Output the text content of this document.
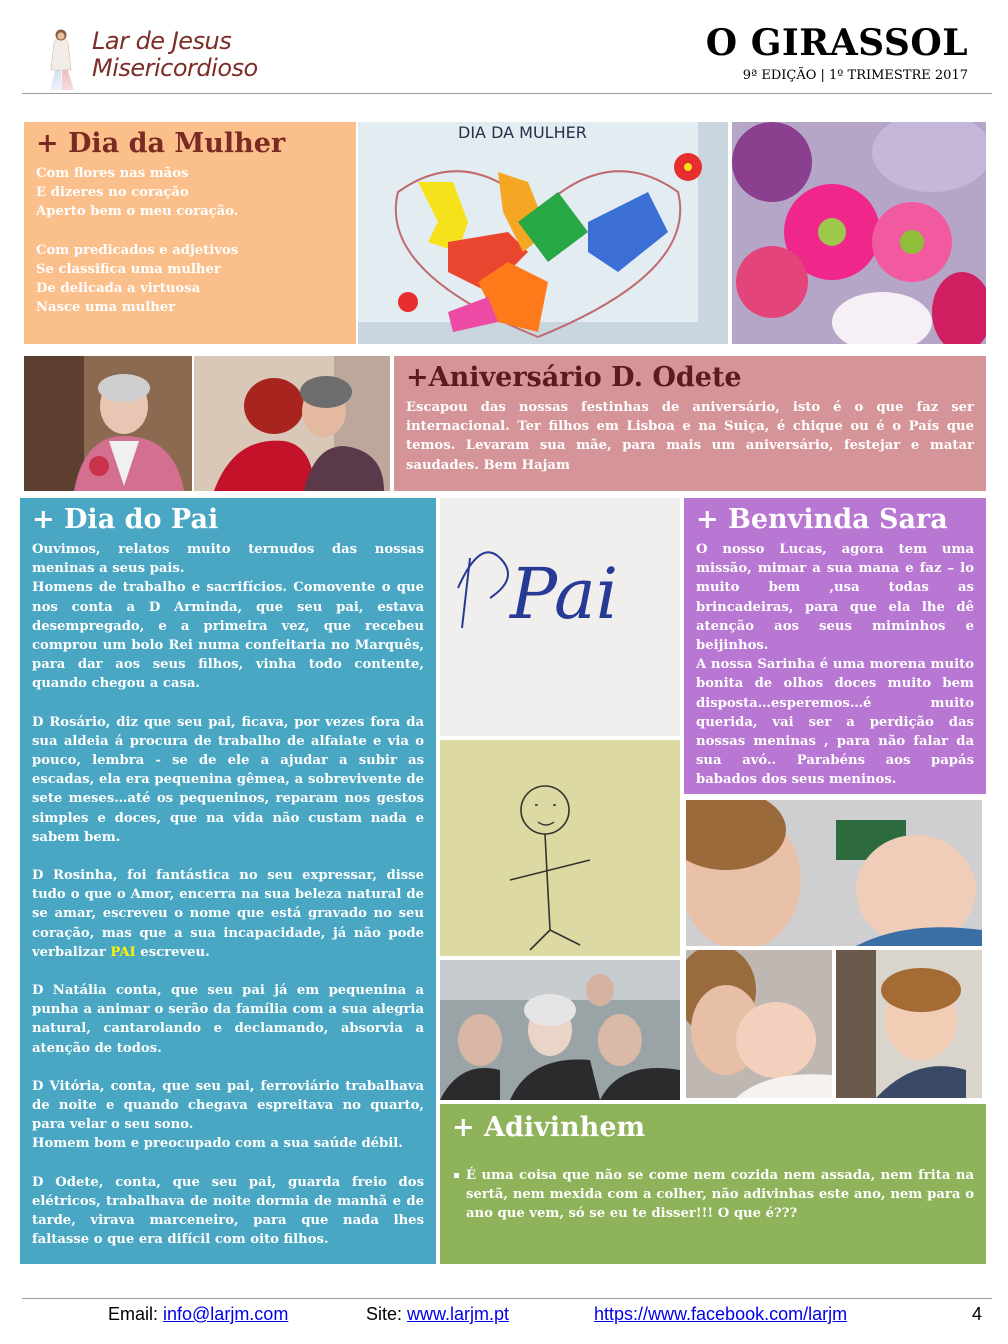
Lar de Jesus
Misericordioso
O GIRASSOL
9ª EDIÇÃO | 1º TRIMESTRE 2017
+ Dia da Mulher

Com flores nas mãos
E dizeres no coração
Aperto bem o meu coração.

Com predicados e adjetivos
Se classifica uma mulher
De delicada a virtuosa
Nasce uma mulher

DIA DA MULHER
+Aniversário D. Odete

Escapou das nossas festinhas de aniversário, isto é o que faz ser internacional. Ter filhos em Lisboa e na Suiça, é chique ou é o País que temos. Levaram sua mãe, para mais um aniversário, festejar e matar saudades. Bem Hajam

+ Dia do Pai

Ouvimos, relatos muito ternudos das nossas meninas a seus pais.

Homens de trabalho e sacrifícios. Comovente o que nos conta a D Arminda, que seu pai, estava desempregado, e a primeira vez, que recebeu comprou um bolo Rei numa confeitaria no Marquês, para dar aos seus filhos, vinha todo contente, quando chegou a casa.

D Rosário, diz que seu pai, ficava, por vezes fora da sua aldeia á procura de trabalho de alfaiate e via o pouco, lembra - se de ele a ajudar a subir as escadas, ela era pequenina gêmea, a sobrevivente de sete meses…até os pequeninos, reparam nos gestos simples e doces, que na vida não custam nada e sabem bem.

D Rosinha, foi fantástica no seu expressar, disse tudo o que o Amor, encerra na sua beleza natural de se amar, escreveu o nome que está gravado no seu coração, mas que a sua incapacidade, já não pode verbalizar PAI escreveu.

D Natália conta, que seu pai já em pequenina a punha a animar o serão da família com a sua alegria natural, cantarolando e declamando, absorvia a atenção de todos.

D Vitória, conta, que seu pai, ferroviário trabalhava de noite e quando chegava espreitava no quarto, para velar o seu sono.

Homem bom e preocupado com a sua saúde débil.

D Odete, conta, que seu pai, guarda freio dos elétricos, trabalhava de noite dormia de manhã e de tarde, virava marceneiro, para que nada lhes faltasse o que era difícil com oito filhos.

Pai
+ Benvinda Sara

O nosso Lucas, agora tem uma missão, mimar a sua mana e faz – lo muito bem ,usa todas as brincadeiras, para que ela lhe dê atenção aos seus miminhos e beijinhos.

A nossa Sarinha é uma morena muito bonita de olhos doces muito bem disposta…esperemos…é muito querida, vai ser a perdição das nossas meninas , para não falar da sua avó.. Parabéns aos papás babados dos seus meninos.

+ Adivinhem
É uma coisa que não se come nem cozida nem assada, nem frita na sertã, nem mexida com a colher, não adivinhas este ano, nem para o ano que vem, só se eu te disser!!! O que é???
Email: info@larjm.com	Site: www.larjm.pt	https://www.facebook.com/larjm	4
